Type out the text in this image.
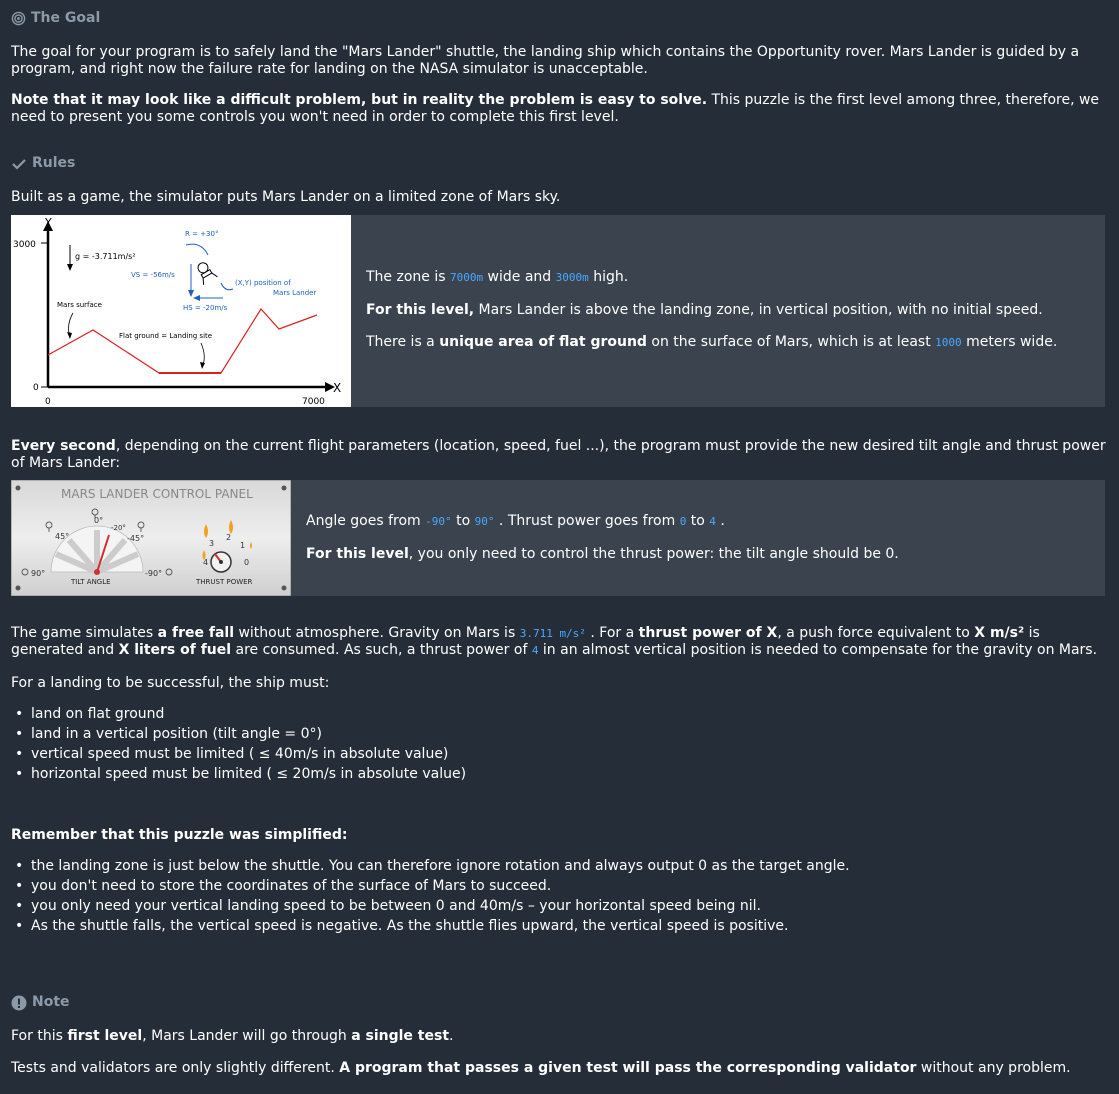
The Goal

The goal for your program is to safely land the "Mars Lander" shuttle, the landing ship which contains the Opportunity rover. Mars Lander is guided by a program, and right now the failure rate for landing on the NASA simulator is unacceptable.

Note that it may look like a difficult problem, but in reality the problem is easy to solve. This puzzle is the first level among three, therefore, we need to present you some controls you won't need in order to complete this first level.

Rules

Built as a game, the simulator puts Mars Lander on a limited zone of Mars sky.

Y
X
3000
0
0	7000
g = -3.711m/s²
R = +30°
VS = -56m/s
HS = -20m/s
(X,Y) position of
Mars Lander
Mars surface
Flat ground = Landing site

The zone is 7000m wide and 3000m high.

For this level, Mars Lander is above the landing zone, in vertical position, with no initial speed.

There is a unique area of flat ground on the surface of Mars, which is at least 1000 meters wide.

Every second, depending on the current flight parameters (location, speed, fuel ...), the program must provide the new desired tilt angle and thrust power of Mars Lander:

MARS LANDER CONTROL PANEL
0°
-20°
45°	-45°
90°	-90°
TILT ANGLE
3
2
1
4	0
THRUST POWER

Angle goes from -90° to 90° . Thrust power goes from 0 to 4 .

For this level, you only need to control the thrust power: the tilt angle should be 0.

The game simulates a free fall without atmosphere. Gravity on Mars is 3.711 m/s² . For a thrust power of X, a push force equivalent to X m/s² is generated and X liters of fuel are consumed. As such, a thrust power of 4 in an almost vertical position is needed to compensate for the gravity on Mars.

For a landing to be successful, the ship must:

• land on flat ground
• land in a vertical position (tilt angle = 0°)
• vertical speed must be limited ( ≤ 40m/s in absolute value)
• horizontal speed must be limited ( ≤ 20m/s in absolute value)

Remember that this puzzle was simplified:

• the landing zone is just below the shuttle. You can therefore ignore rotation and always output 0 as the target angle.
• you don't need to store the coordinates of the surface of Mars to succeed.
• you only need your vertical landing speed to be between 0 and 40m/s – your horizontal speed being nil.
• As the shuttle falls, the vertical speed is negative. As the shuttle flies upward, the vertical speed is positive.
Note

For this first level, Mars Lander will go through a single test.

Tests and validators are only slightly different. A program that passes a given test will pass the corresponding validator without any problem.
